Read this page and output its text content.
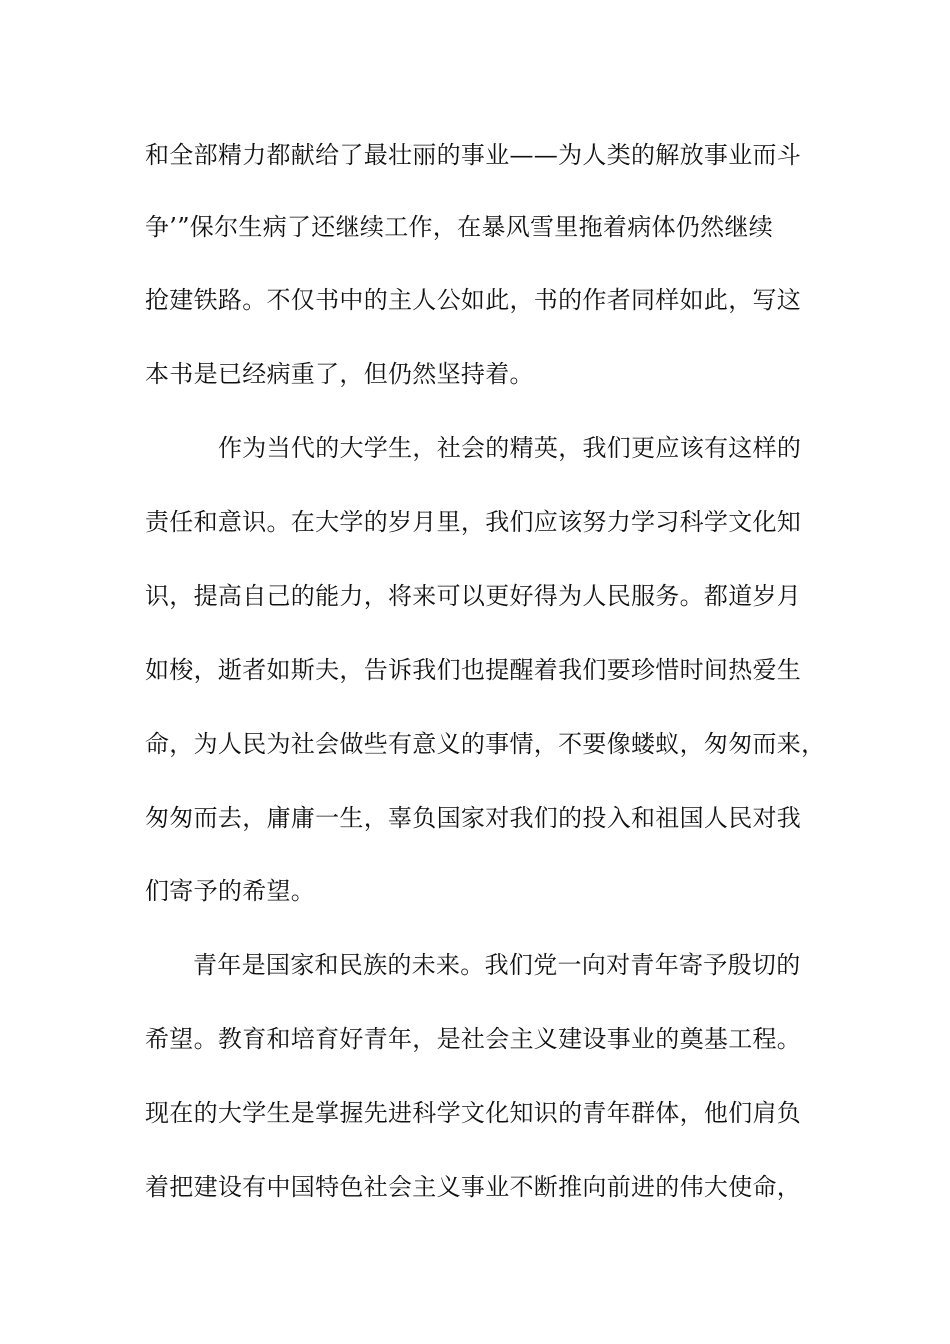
和全部精力都献给了最壮丽的事业——为人类的解放事业而斗
争’”保尔生病了还继续工作，在暴风雪里拖着病体仍然继续
抢建铁路。不仅书中的主人公如此，书的作者同样如此，写这
本书是已经病重了，但仍然坚持着。
作为当代的大学生，社会的精英，我们更应该有这样的
责任和意识。在大学的岁月里，我们应该努力学习科学文化知
识，提高自己的能力，将来可以更好得为人民服务。都道岁月
如梭，逝者如斯夫，告诉我们也提醒着我们要珍惜时间热爱生
命，为人民为社会做些有意义的事情，不要像蝼蚁，匆匆而来，
匆匆而去，庸庸一生，辜负国家对我们的投入和祖国人民对我
们寄予的希望。
青年是国家和民族的未来。我们党一向对青年寄予殷切的
希望。教育和培育好青年，是社会主义建设事业的奠基工程。
现在的大学生是掌握先进科学文化知识的青年群体，他们肩负
着把建设有中国特色社会主义事业不断推向前进的伟大使命，
